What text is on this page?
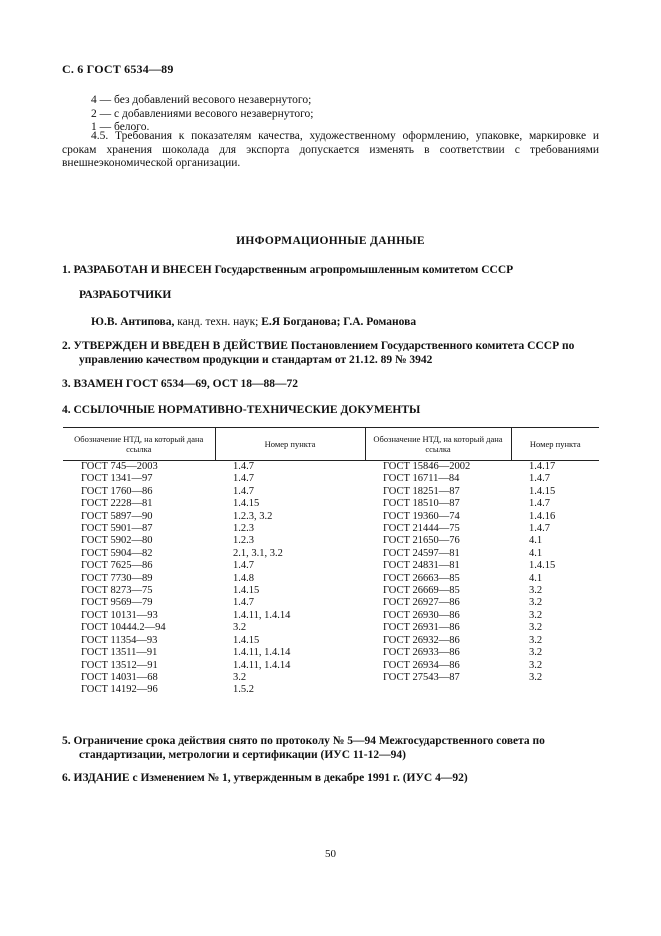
С. 6 ГОСТ 6534—89
4 — без добавлений весового незавернутого;
2 — с добавлениями весового незавернутого;
1 — белого.
4.5. Требования к показателям качества, художественному оформлению, упаковке, маркировке и срокам хранения шоколада для экспорта допускается изменять в соответствии с требованиями внешнеэкономической организации.
ИНФОРМАЦИОННЫЕ ДАННЫЕ
1. РАЗРАБОТАН И ВНЕСЕН Государственным агропромышленным комитетом СССР
РАЗРАБОТЧИКИ
Ю.В. Антипова, канд. техн. наук; Е.Я Богданова; Г.А. Романова
2. УТВЕРЖДЕН И ВВЕДЕН В ДЕЙСТВИЕ Постановлением Государственного комитета СССР по управлению качеством продукции и стандартам от 21.12. 89 № 3942
3. ВЗАМЕН ГОСТ 6534—69, ОСТ 18—88—72
4. ССЫЛОЧНЫЕ НОРМАТИВНО-ТЕХНИЧЕСКИЕ ДОКУМЕНТЫ
Обозначение НТД, на который дана ссылка	Номер пункта	Обозначение НТД, на который дана ссылка	Номер пункта
ГОСТ 745—2003	1.4.7	ГОСТ 15846—2002	1.4.17
ГОСТ 1341—97	1.4.7	ГОСТ 16711—84	1.4.7
ГОСТ 1760—86	1.4.7	ГОСТ 18251—87	1.4.15
ГОСТ 2228—81	1.4.15	ГОСТ 18510—87	1.4.7
ГОСТ 5897—90	1.2.3, 3.2	ГОСТ 19360—74	1.4.16
ГОСТ 5901—87	1.2.3	ГОСТ 21444—75	1.4.7
ГОСТ 5902—80	1.2.3	ГОСТ 21650—76	4.1
ГОСТ 5904—82	2.1, 3.1, 3.2	ГОСТ 24597—81	4.1
ГОСТ 7625—86	1.4.7	ГОСТ 24831—81	1.4.15
ГОСТ 7730—89	1.4.8	ГОСТ 26663—85	4.1
ГОСТ 8273—75	1.4.15	ГОСТ 26669—85	3.2
ГОСТ 9569—79	1.4.7	ГОСТ 26927—86	3.2
ГОСТ 10131—93	1.4.11, 1.4.14	ГОСТ 26930—86	3.2
ГОСТ 10444.2—94	3.2	ГОСТ 26931—86	3.2
ГОСТ 11354—93	1.4.15	ГОСТ 26932—86	3.2
ГОСТ 13511—91	1.4.11, 1.4.14	ГОСТ 26933—86	3.2
ГОСТ 13512—91	1.4.11, 1.4.14	ГОСТ 26934—86	3.2
ГОСТ 14031—68	3.2	ГОСТ 27543—87	3.2
ГОСТ 14192—96	1.5.2		
5. Ограничение срока действия снято по протоколу № 5—94 Межгосударственного совета по стандартизации, метрологии и сертификации (ИУС 11-12—94)
6. ИЗДАНИЕ с Изменением № 1, утвержденным в декабре 1991 г. (ИУС 4—92)
50
